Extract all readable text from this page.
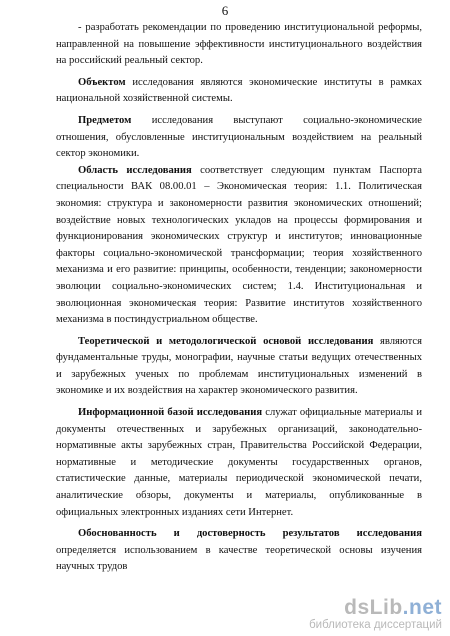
6

- разработать рекомендации по проведению институциональной реформы, направленной на повышение эффективности институционального воздействия на российский реальный сектор.

Объектом исследования являются экономические институты в рамках национальной хозяйственной системы.

Предметом исследования выступают социально-экономические отношения, обусловленные институциональным воздействием на реальный сектор экономики.

Область исследования соответствует следующим пунктам Паспорта специальности ВАК 08.00.01 – Экономическая теория: 1.1. Политическая экономия: структура и закономерности развития экономических отношений; воздействие новых технологических укладов на процессы формирования и функционирования экономических структур и институтов; инновационные факторы социально-экономической трансформации; теория хозяйственного механизма и его развитие: принципы, особенности, тенденции; закономерности эволюции социально-экономических систем; 1.4. Институциональная и эволюционная экономическая теория: Развитие институтов хозяйственного механизма в постиндустриальном обществе.

Теоретической и методологической основой исследования являются фундаментальные труды, монографии, научные статьи ведущих отечественных и зарубежных ученых по проблемам институциональных изменений в экономике и их воздействия на характер экономического развития.

Информационной базой исследования служат официальные материалы и документы отечественных и зарубежных организаций, законодательно-нормативные акты зарубежных стран, Правительства Российской Федерации, нормативные и методические документы государственных органов, статистические данные, материалы периодической экономической печати, аналитические обзоры, документы и материалы, опубликованные в официальных электронных изданиях сети Интернет.

Обоснованность и достоверность результатов исследования определяется использованием в качестве теоретической основы изучения научных трудов

dsLib.net
библиотека диссертаций
